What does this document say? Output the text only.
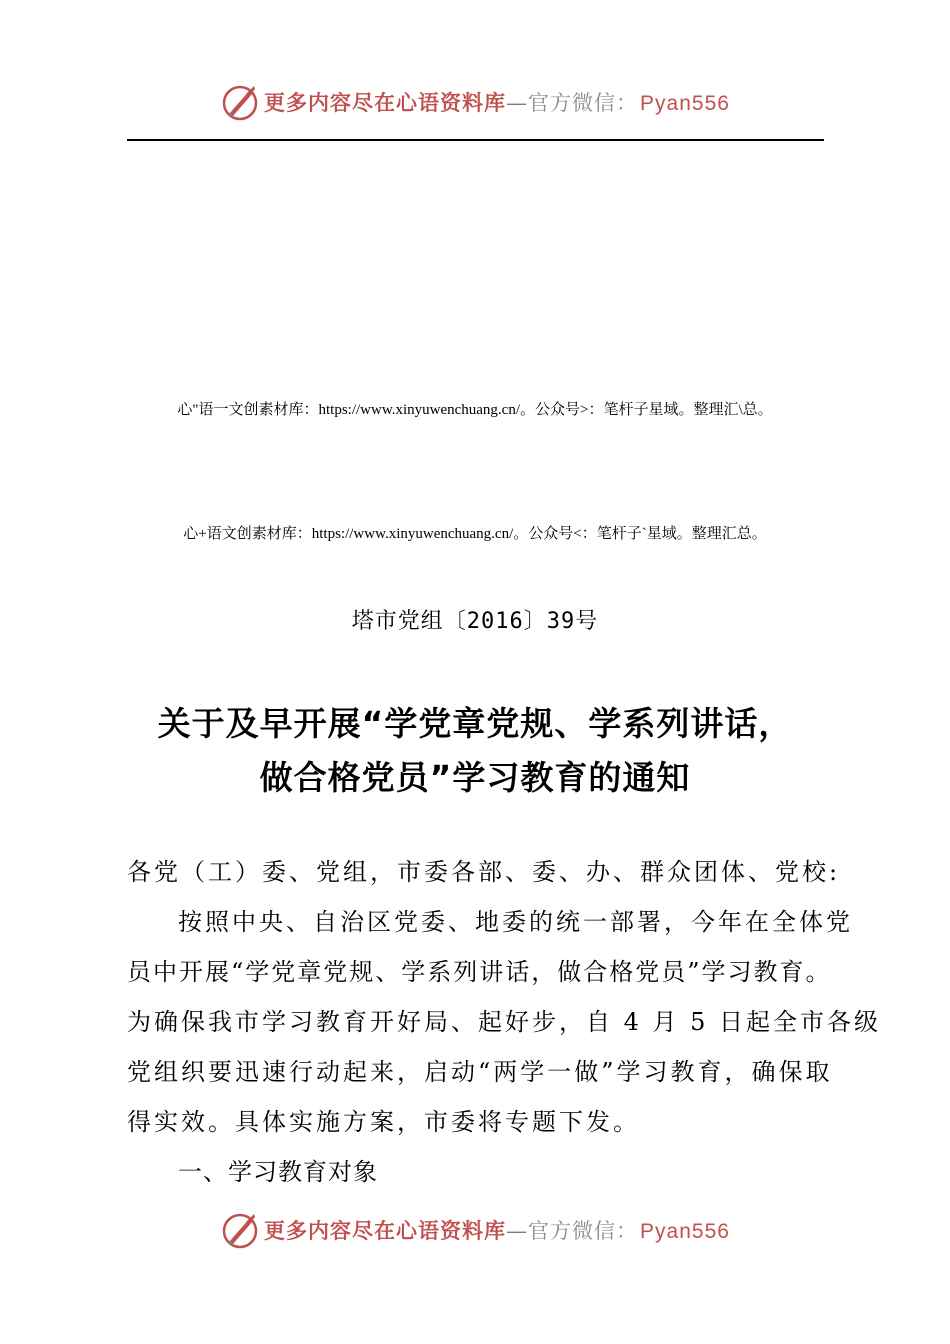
更多内容尽在心语资料库—官方微信：Pyan556
心"语一文创素材库：https://www.xinyuwenchuang.cn/。公众号>：笔杆子星域。整理汇\总。
心+语文创素材库：https://www.xinyuwenchuang.cn/。公众号<：笔杆子`星域。整理汇总。
塔市党组〔2016〕39号
关于及早开展“学党章党规、学系列讲话，
做合格党员”学习教育的通知
各党（工）委、党组，市委各部、委、办、群众团体、党校:
按照中央、自治区党委、地委的统一部署，今年在全体党
员中开展“学党章党规、学系列讲话，做合格党员”学习教育。
为确保我市学习教育开好局、起好步，自 4 月 5 日起全市各级
党组织要迅速行动起来，启动“两学一做”学习教育，确保取
得实效。具体实施方案，市委将专题下发。
一、学习教育对象
更多内容尽在心语资料库—官方微信：Pyan556
